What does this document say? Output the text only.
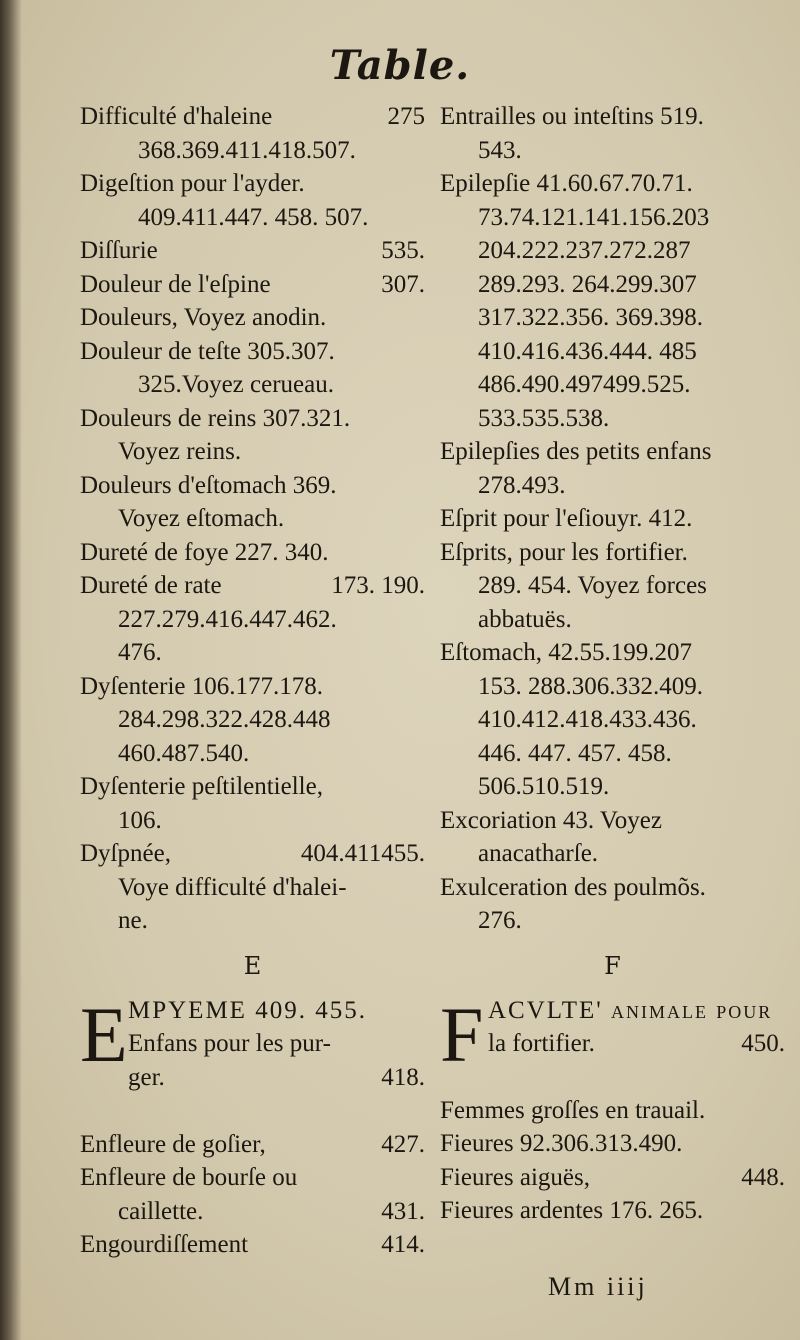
Table.
Difficulté d'haleine	275
368.369.411.418.507.
Digeſtion pour l'ayder.
409.411.447. 458. 507.
Diſſurie	535.
Douleur de l'eſpine	307.
Douleurs, Voyez anodin.
Douleur de teſte 305.307.
325.Voyez cerueau.
Douleurs de reins 307.321.
Voyez reins.
Douleurs d'eſtomach 369.
Voyez eſtomach.
Dureté de foye 227. 340.
Dureté de rate	173. 190.
227.279.416.447.462.
476.
Dyſenterie 106.177.178.
284.298.322.428.448
460.487.540.
Dyſenterie peſtilentielle,
106.
Dyſpnée,	404.411455.
Voye difficulté d'halei-
ne.
E
E MPYEME 409. 455.
Enfans pour les pur-
ger.	418.
Enfleure de goſier,	427.
Enfleure de bourſe ou
caillette.	431.
Engourdiſſement	414.
Entrailles ou inteſtins 519.
543.
Epilepſie 41.60.67.70.71.
73.74.121.141.156.203
204.222.237.272.287
289.293. 264.299.307
317.322.356. 369.398.
410.416.436.444. 485
486.490.497499.525.
533.535.538.
Epilepſies des petits enfans
278.493.
Eſprit pour l'eſiouyr. 412.
Eſprits, pour les fortifier.
289. 454. Voyez forces
abbatuës.
Eſtomach, 42.55.199.207
153. 288.306.332.409.
410.412.418.433.436.
446. 447. 457. 458.
506.510.519.
Excoriation 43. Voyez
anacatharſe.
Exulceration des poulmõs.
276.
F
F ACVLTE' animale pour
la fortifier.	450.
Femmes groſſes en trauail.
Fieures 92.306.313.490.
Fieures aiguës,	448.
Fieures ardentes 176. 265.
Mm iiij
